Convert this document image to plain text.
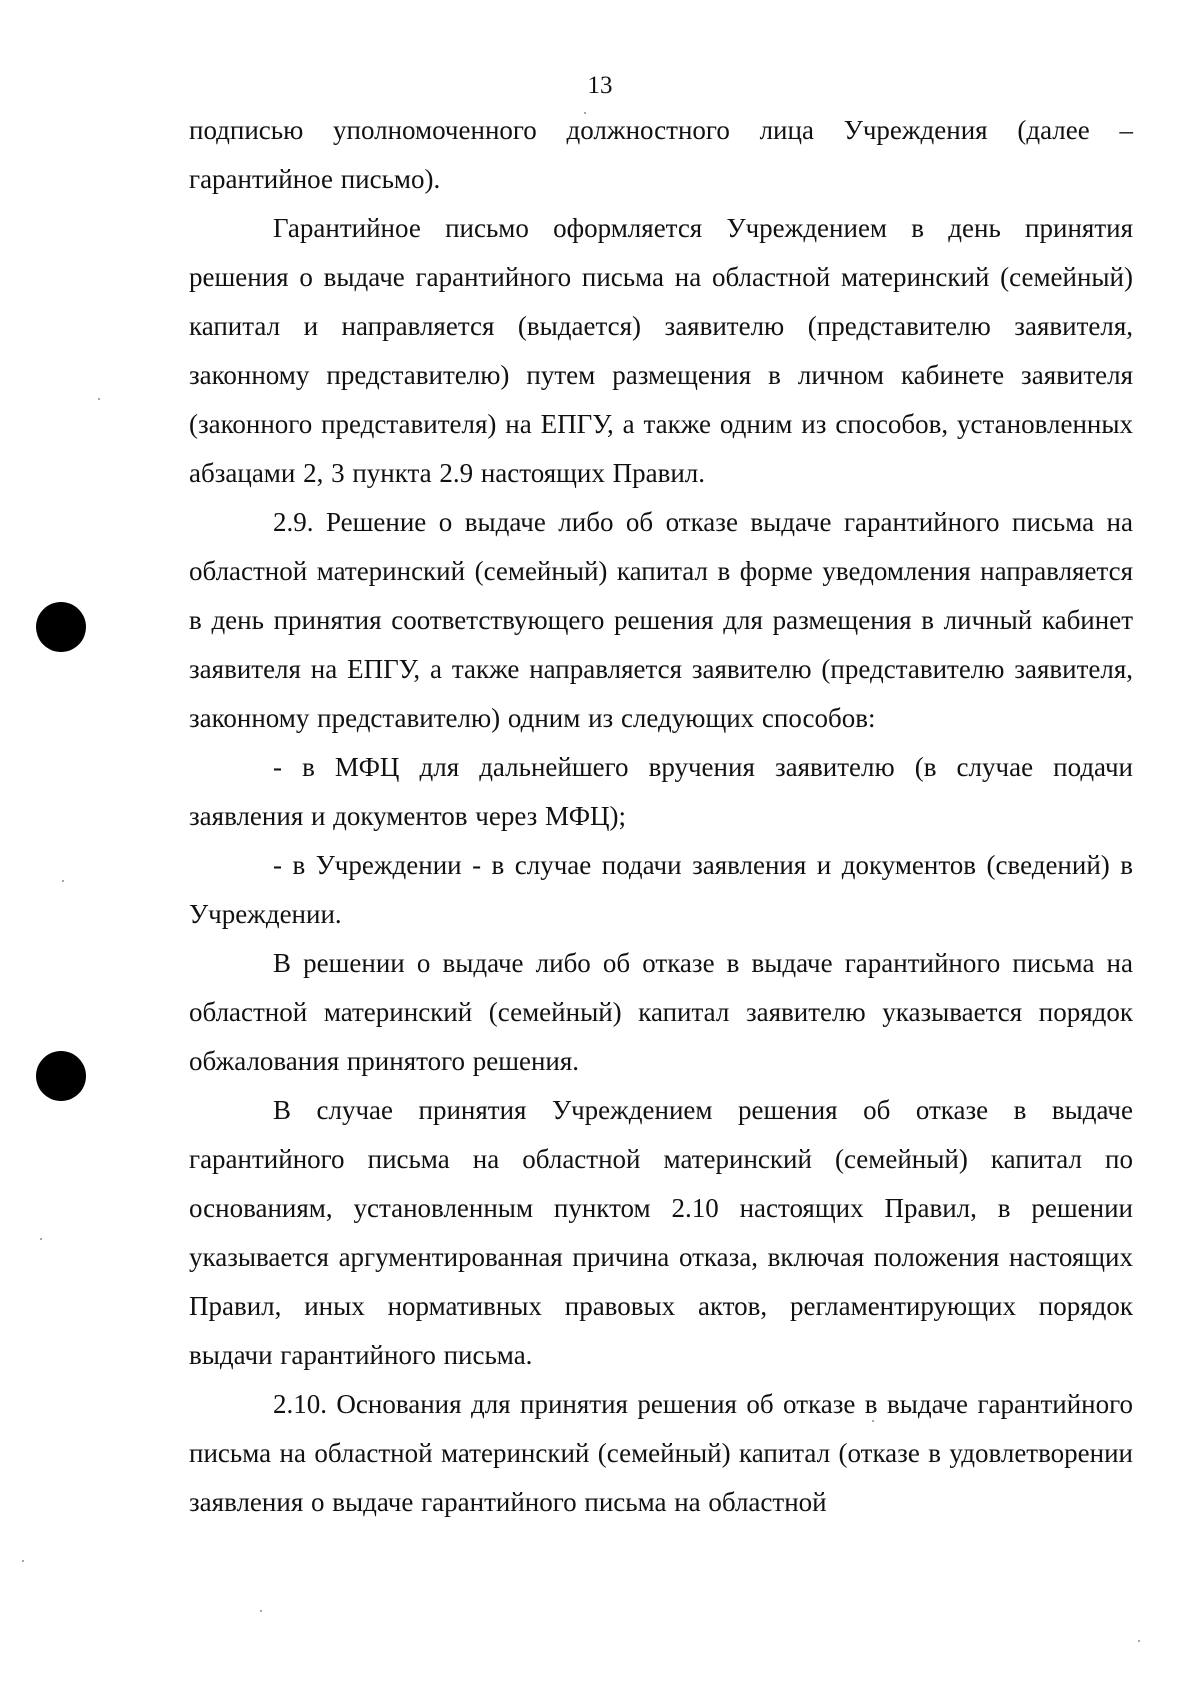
13

подписью уполномоченного должностного лица Учреждения (далее – гарантийное письмо).

Гарантийное письмо оформляется Учреждением в день принятия решения о выдаче гарантийного письма на областной материнский (семейный) капитал и направляется (выдается) заявителю (представителю заявителя, законному представителю) путем размещения в личном кабинете заявителя (законного представителя) на ЕПГУ, а также одним из способов, установленных абзацами 2, 3 пункта 2.9 настоящих Правил.

2.9. Решение о выдаче либо об отказе выдаче гарантийного письма на областной материнский (семейный) капитал в форме уведомления направляется в день принятия соответствующего решения для размещения в личный кабинет заявителя на ЕПГУ, а также направляется заявителю (представителю заявителя, законному представителю) одним из следующих способов:

- в МФЦ для дальнейшего вручения заявителю (в случае подачи заявления и документов через МФЦ);

- в Учреждении - в случае подачи заявления и документов (сведений) в Учреждении.

В решении о выдаче либо об отказе в выдаче гарантийного письма на областной материнский (семейный) капитал заявителю указывается порядок обжалования принятого решения.

В случае принятия Учреждением решения об отказе в выдаче гарантийного письма на областной материнский (семейный) капитал по основаниям, установленным пунктом 2.10 настоящих Правил, в решении указывается аргументированная причина отказа, включая положения настоящих Правил, иных нормативных правовых актов, регламентирующих порядок выдачи гарантийного письма.

2.10. Основания для принятия решения об отказе в выдаче гарантийного письма на областной материнский (семейный) капитал (отказе в удовлетворении заявления о выдаче гарантийного письма на областной
